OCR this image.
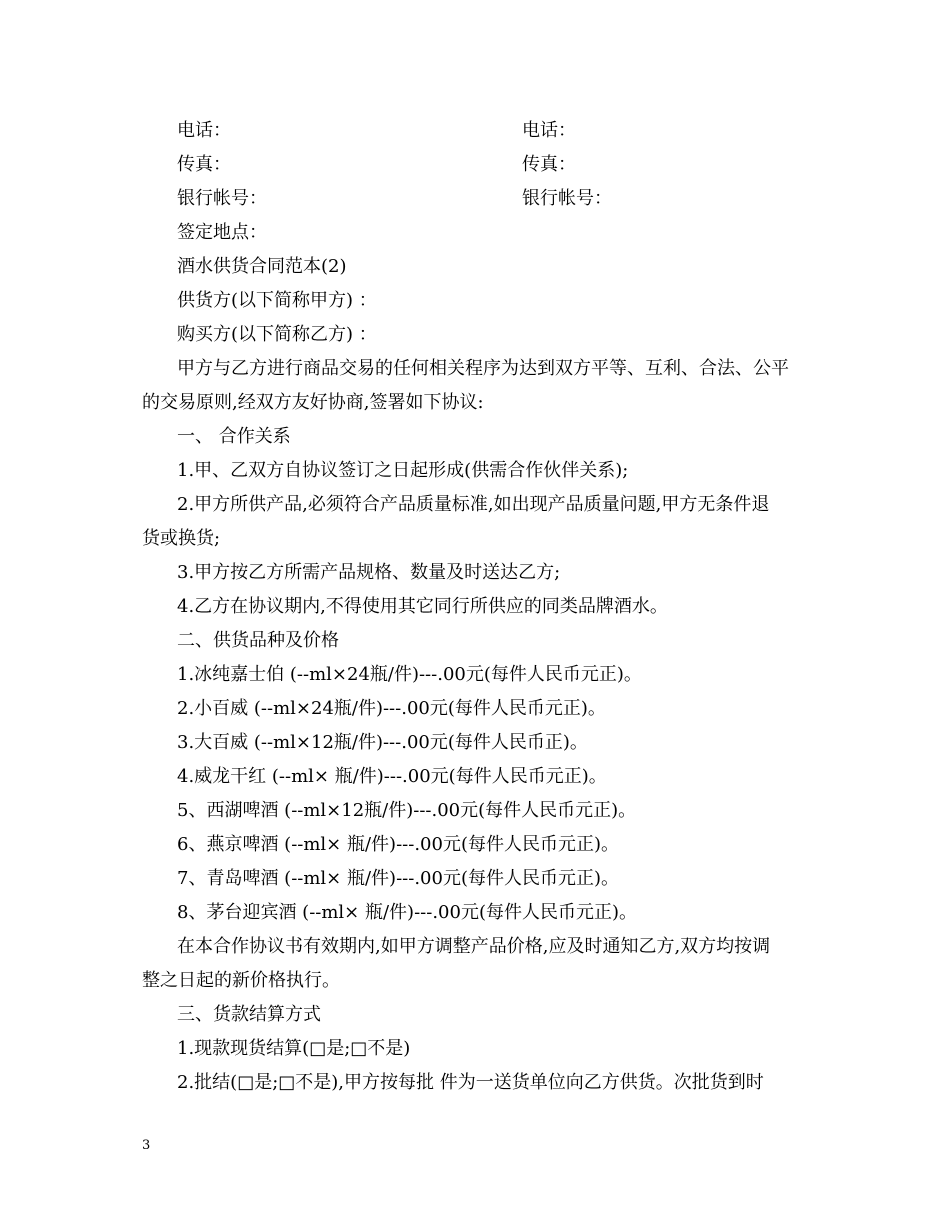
电话：	电话：
传真：	传真：
银行帐号：	银行帐号：
签定地点：
酒水供货合同范本(2)
供货方(以下简称甲方) ：
购买方(以下简称乙方) ：
甲方与乙方进行商品交易的任何相关程序为达到双方平等、互利、合法、公平
的交易原则,经双方友好协商,签署如下协议:
一、 合作关系
1.甲、乙双方自协议签订之日起形成(供需合作伙伴关系);
2.甲方所供产品,必须符合产品质量标准,如出现产品质量问题,甲方无条件退
货或换货;
3.甲方按乙方所需产品规格、数量及时送达乙方;
4.乙方在协议期内,不得使用其它同行所供应的同类品牌酒水。
二、供货品种及价格
1.冰纯嘉士伯 (--ml×24瓶/件)---.00元(每件人民币元正)。
2.小百威 (--ml×24瓶/件)---.00元(每件人民币元正)。
3.大百威 (--ml×12瓶/件)---.00元(每件人民币正)。
4.威龙干红 (--ml× 瓶/件)---.00元(每件人民币元正)。
5、西湖啤酒 (--ml×12瓶/件)---.00元(每件人民币元正)。
6、燕京啤酒 (--ml× 瓶/件)---.00元(每件人民币元正)。
7、青岛啤酒 (--ml× 瓶/件)---.00元(每件人民币元正)。
8、茅台迎宾酒 (--ml× 瓶/件)---.00元(每件人民币元正)。
在本合作协议书有效期内,如甲方调整产品价格,应及时通知乙方,双方均按调
整之日起的新价格执行。
三、货款结算方式
1.现款现货结算(□是;□不是)
2.批结(□是;□不是),甲方按每批 件为一送货单位向乙方供货。次批货到时
3
